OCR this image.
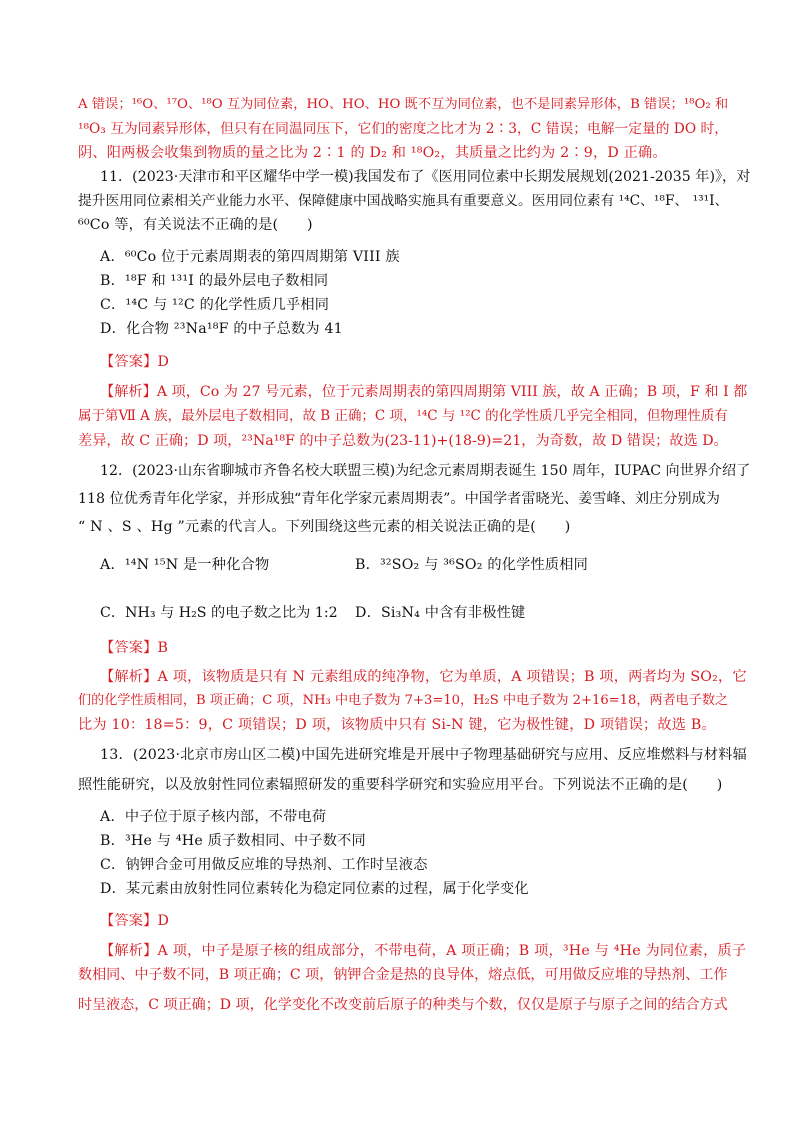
A 错误；¹⁶O、¹⁷O、¹⁸O 互为同位素，HO、HO、HO 既不互为同位素，也不是同素异形体，B 错误；¹⁸O₂ 和
¹⁸O₃ 互为同素异形体，但只有在同温同压下，它们的密度之比才为 2∶3，C 错误；电解一定量的 DO 时，
阴、阳两极会收集到物质的量之比为 2∶1 的 D₂ 和 ¹⁸O₂，其质量之比约为 2∶9，D 正确。
11．(2023·天津市和平区耀华中学一模)我国发布了《医用同位素中长期发展规划(2021-2035 年)》，对
提升医用同位素相关产业能力水平、保障健康中国战略实施具有重要意义。医用同位素有 ¹⁴C、¹⁸F、 ¹³¹I、
⁶⁰Co 等，有关说法不正确的是(　　)
A．⁶⁰Co 位于元素周期表的第四周期第 VIII 族
B．¹⁸F 和 ¹³¹I 的最外层电子数相同
C．¹⁴C 与 ¹²C 的化学性质几乎相同
D．化合物 ²³Na¹⁸F 的中子总数为 41
【答案】D
【解析】A 项，Co 为 27 号元素，位于元素周期表的第四周期第 VIII 族，故 A 正确；B 项，F 和 I 都
属于第Ⅶ A 族，最外层电子数相同，故 B 正确；C 项，¹⁴C 与 ¹²C 的化学性质几乎完全相同，但物理性质有
差异，故 C 正确；D 项，²³Na¹⁸F 的中子总数为(23-11)+(18-9)=21，为奇数，故 D 错误；故选 D。
12．(2023·山东省聊城市齐鲁名校大联盟三模)为纪念元素周期表诞生 150 周年，IUPAC 向世界介绍了
118 位优秀青年化学家，并形成独“青年化学家元素周期表”。中国学者雷晓光、姜雪峰、刘庄分别成为
“ N 、S 、Hg ”元素的代言人。下列围绕这些元素的相关说法正确的是(　　)
A．¹⁴N ¹⁵N 是一种化合物	B．³²SO₂ 与 ³⁶SO₂ 的化学性质相同
C．NH₃ 与 H₂S 的电子数之比为 1:2 D．Si₃N₄ 中含有非极性键
【答案】B
【解析】A 项，该物质是只有 N 元素组成的纯净物，它为单质，A 项错误；B 项，两者均为 SO₂，它
们的化学性质相同，B 项正确；C 项，NH₃ 中电子数为 7+3=10，H₂S 中电子数为 2+16=18，两者电子数之
比为 10：18=5：9，C 项错误；D 项，该物质中只有 Si-N 键，它为极性键，D 项错误；故选 B。
13．(2023·北京市房山区二模)中国先进研究堆是开展中子物理基础研究与应用、反应堆燃料与材料辐
照性能研究，以及放射性同位素辐照研发的重要科学研究和实验应用平台。下列说法不正确的是(　　)
A．中子位于原子核内部，不带电荷
B．³He 与 ⁴He 质子数相同、中子数不同
C．钠钾合金可用做反应堆的导热剂、工作时呈液态
D．某元素由放射性同位素转化为稳定同位素的过程，属于化学变化
【答案】D
【解析】A 项，中子是原子核的组成部分，不带电荷，A 项正确；B 项，³He 与 ⁴He 为同位素，质子
数相同、中子数不同，B 项正确；C 项，钠钾合金是热的良导体，熔点低，可用做反应堆的导热剂、工作
时呈液态，C 项正确；D 项，化学变化不改变前后原子的种类与个数，仅仅是原子与原子之间的结合方式
